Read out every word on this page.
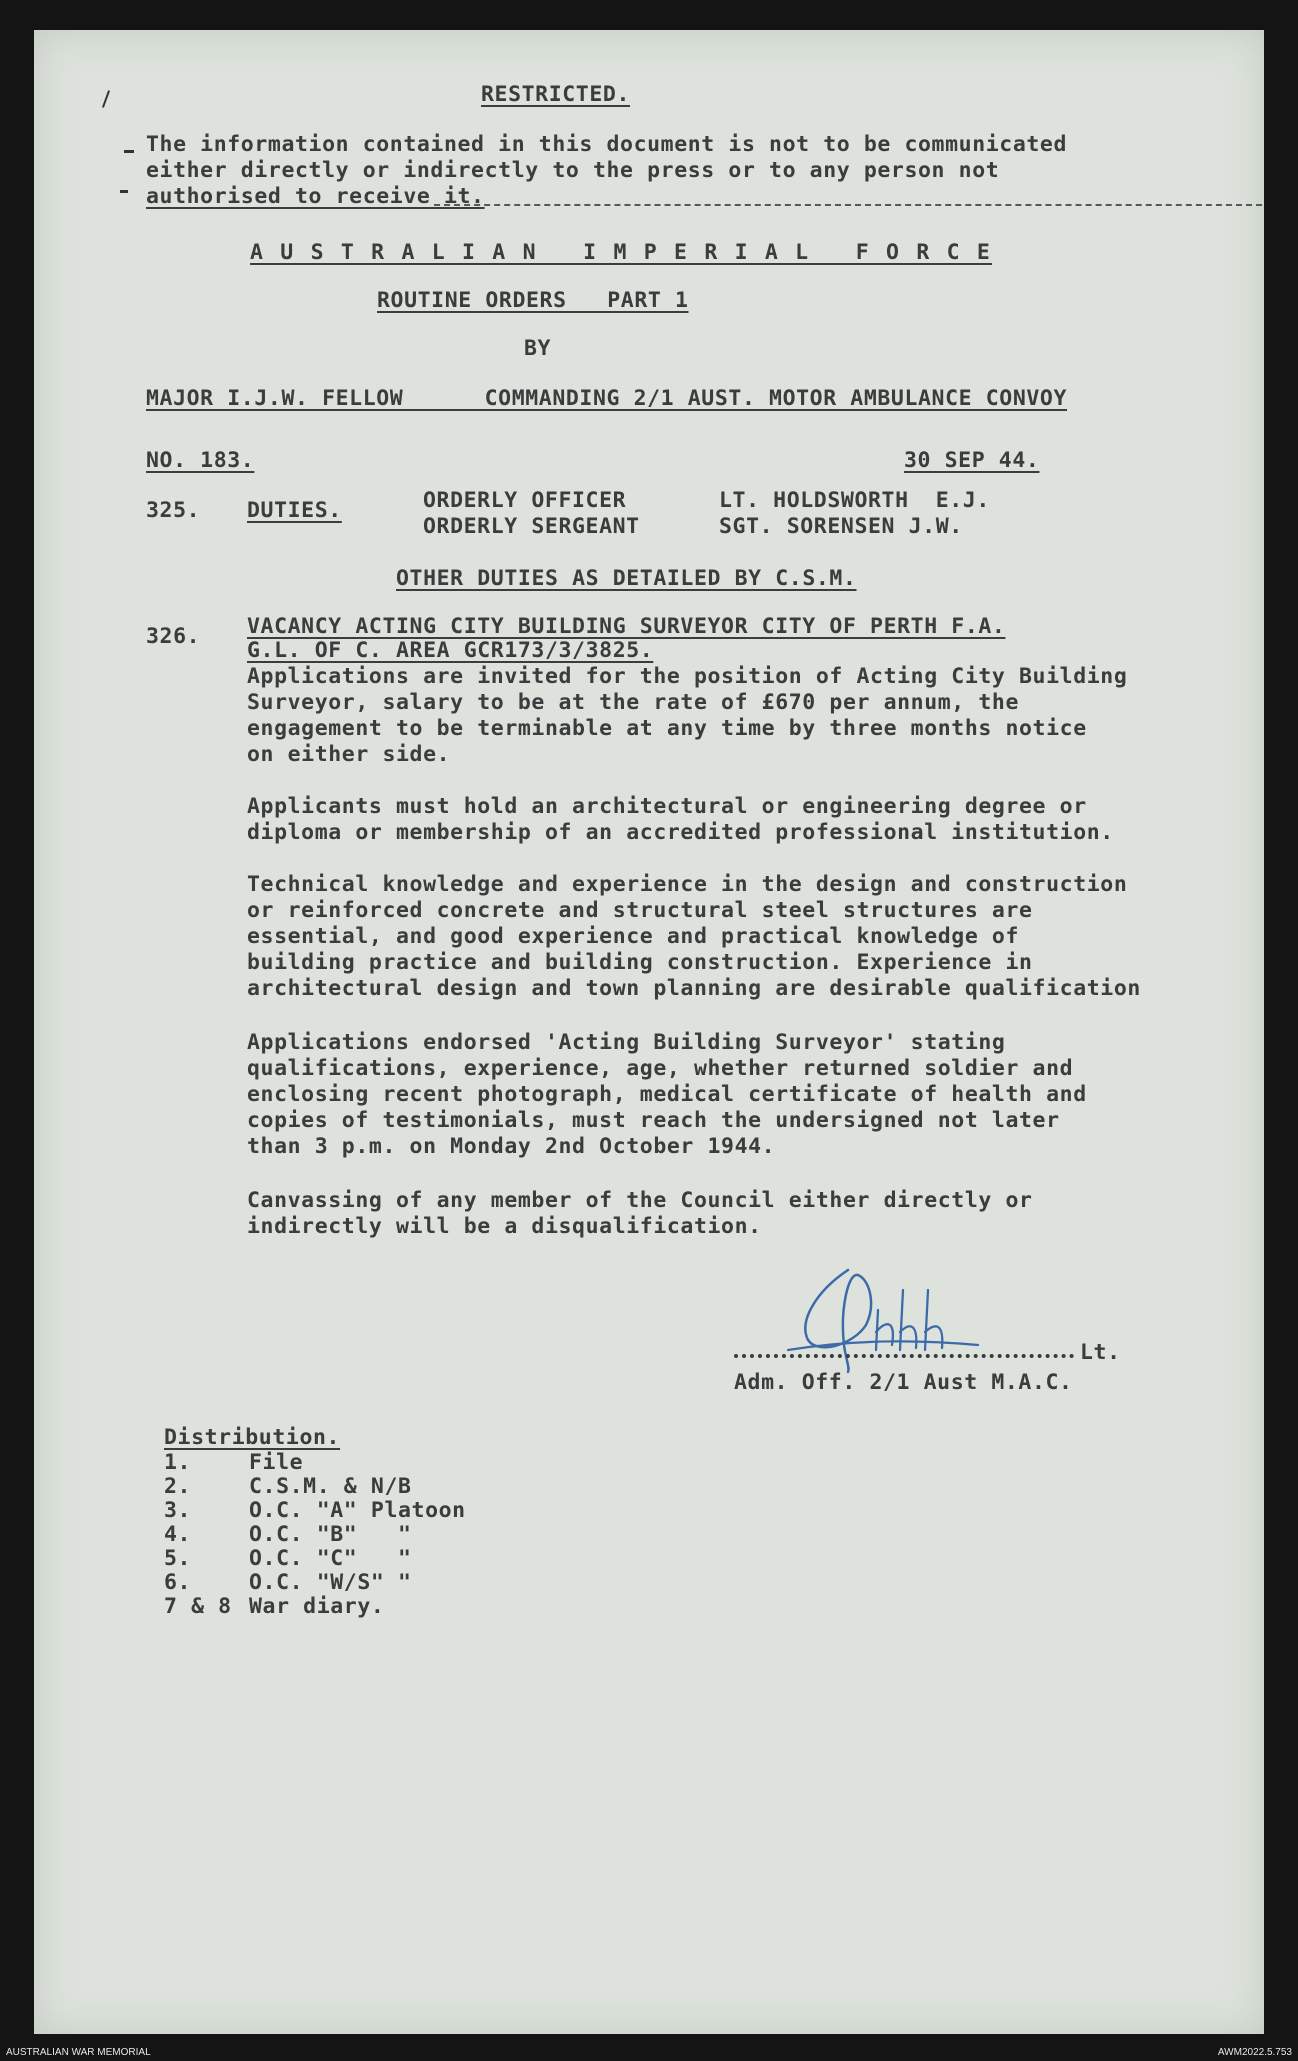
RESTRICTED.
The information contained in this document is not to be communicated
either directly or indirectly to the press or to any person not
authorised to receive it.
A U S T R A L I A N   I M P E R I A L   F O R C E
ROUTINE ORDERS   PART 1
BY
MAJOR I.J.W. FELLOW      COMMANDING 2/1 AUST. MOTOR AMBULANCE CONVOY
NO. 183.	30 SEP 44.
325. DUTIES.	ORDERLY OFFICER	LT. HOLDSWORTH  E.J.
ORDERLY SERGEANT	SGT. SORENSEN J.W.
OTHER DUTIES AS DETAILED BY C.S.M.
326. VACANCY ACTING CITY BUILDING SURVEYOR CITY OF PERTH F.A.
G.L. OF C. AREA GCR173/3/3825.
Applications are invited for the position of Acting City Building
Surveyor, salary to be at the rate of £670 per annum, the
engagement to be terminable at any time by three months notice
on either side.
Applicants must hold an architectural or engineering degree or
diploma or membership of an accredited professional institution.
Technical knowledge and experience in the design and construction
or reinforced concrete and structural steel structures are
essential, and good experience and practical knowledge of
building practice and building construction. Experience in
architectural design and town planning are desirable qualification
Applications endorsed 'Acting Building Surveyor' stating
qualifications, experience, age, whether returned soldier and
enclosing recent photograph, medical certificate of health and
copies of testimonials, must reach the undersigned not later
than 3 p.m. on Monday 2nd October 1944.
Canvassing of any member of the Council either directly or
indirectly will be a disqualification.
Lt.
Adm. Off. 2/1 Aust M.A.C.
Distribution.
1.	File
2.	C.S.M. & N/B
3.	O.C. "A" Platoon
4.	O.C. "B"   "
5.	O.C. "C"   "
6.	O.C. "W/S" "
7 & 8 War diary.
AUSTRALIAN WAR MEMORIAL	AWM2022.5.753
